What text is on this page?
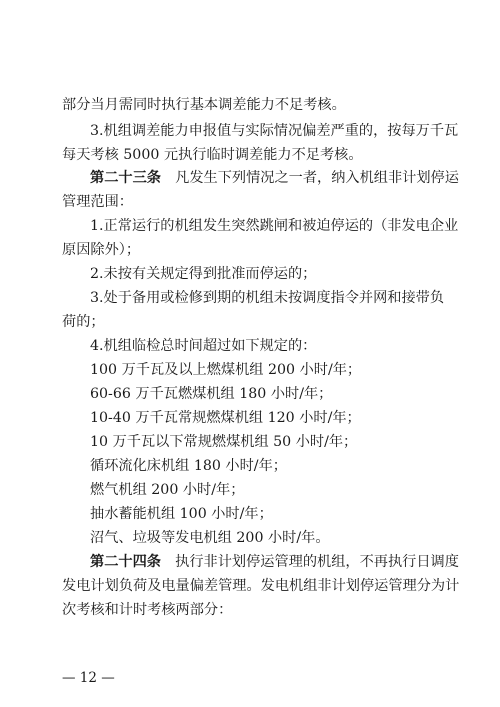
部分当月需同时执行基本调差能力不足考核。
3.机组调差能力申报值与实际情况偏差严重的，按每万千瓦
每天考核 5000 元执行临时调差能力不足考核。
第二十三条  凡发生下列情况之一者，纳入机组非计划停运
管理范围：
1.正常运行的机组发生突然跳闸和被迫停运的（非发电企业
原因除外）；
2.未按有关规定得到批准而停运的；
3.处于备用或检修到期的机组未按调度指令并网和接带负
荷的；
4.机组临检总时间超过如下规定的：
100 万千瓦及以上燃煤机组 200 小时/年；
60-66 万千瓦燃煤机组 180 小时/年；
10-40 万千瓦常规燃煤机组 120 小时/年；
10 万千瓦以下常规燃煤机组 50 小时/年；
循环流化床机组 180 小时/年；
燃气机组 200 小时/年；
抽水蓄能机组 100 小时/年；
沼气、垃圾等发电机组 200 小时/年。
第二十四条  执行非计划停运管理的机组，不再执行日调度
发电计划负荷及电量偏差管理。发电机组非计划停运管理分为计
次考核和计时考核两部分：
— 12 —
